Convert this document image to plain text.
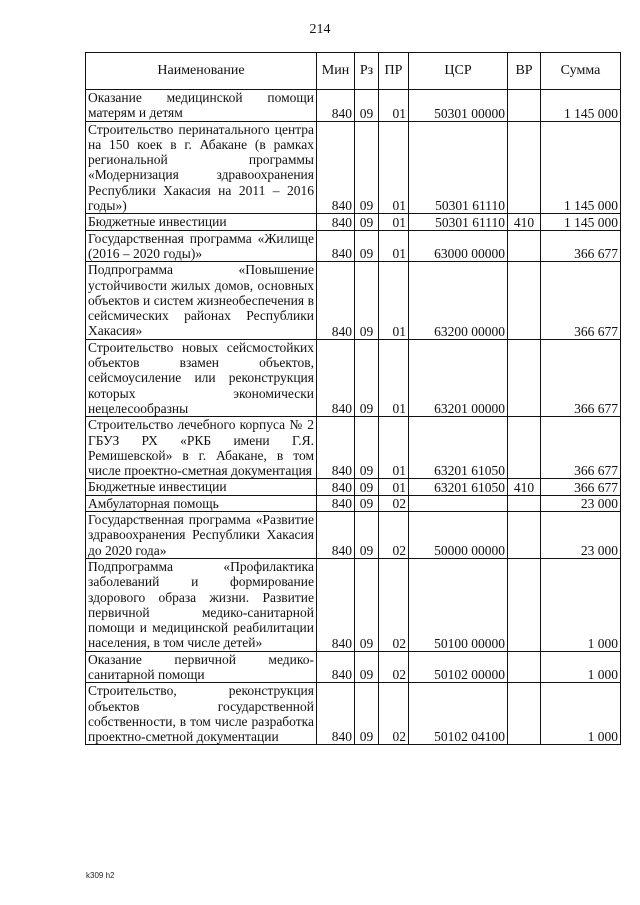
214
Наименование	Мин	Рз	ПР	ЦСР	ВР	Сумма
Оказание медицинской помощи матерям и детям	840	09	01	50301 00000		1 145 000
Строительство перинатального центра на 150 коек в г. Абакане (в рамках региональной программы «Модернизация здравоохранения Республики Хакасия на 2011 – 2016 годы»)	840	09	01	50301 61110		1 145 000
Бюджетные инвестиции	840	09	01	50301 61110	410	1 145 000
Государственная программа «Жилище (2016 – 2020 годы)»	840	09	01	63000 00000		366 677
Подпрограмма «Повышение устойчивости жилых домов, основных объектов и систем жизнеобеспечения в сейсмических районах Республики Хакасия»	840	09	01	63200 00000		366 677
Строительство новых сейсмостойких объектов взамен объектов, сейсмоусиление или реконструкция которых экономически нецелесообразны	840	09	01	63201 00000		366 677
Строительство лечебного корпуса № 2 ГБУЗ РХ «РКБ имени Г.Я. Ремишевской» в г. Абакане, в том числе проектно-сметная документация	840	09	01	63201 61050		366 677
Бюджетные инвестиции	840	09	01	63201 61050	410	366 677
Амбулаторная помощь	840	09	02			23 000
Государственная программа «Развитие здравоохранения Республики Хакасия до 2020 года»	840	09	02	50000 00000		23 000
Подпрограмма «Профилактика заболеваний и формирование здорового образа жизни. Развитие первичной медико-санитарной помощи и медицинской реабилитации населения, в том числе детей»	840	09	02	50100 00000		1 000
Оказание первичной медико-санитарной помощи	840	09	02	50102 00000		1 000
Строительство, реконструкция объектов государственной собственности, в том числе разработка проектно-сметной документации	840	09	02	50102 04100		1 000
k309 h2
